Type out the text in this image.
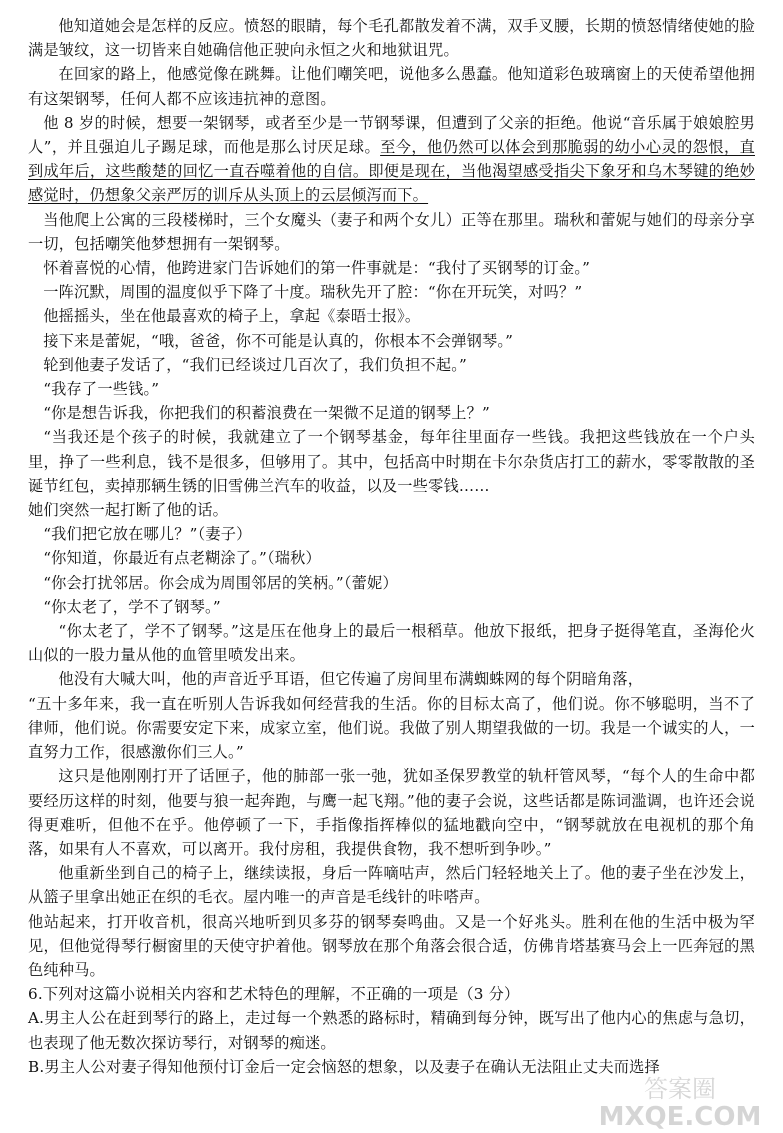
他知道她会是怎样的反应。愤怒的眼睛，每个毛孔都散发着不满，双手叉腰，长期的愤怒情绪使她的脸满是皱纹，这一切皆来自她确信他正驶向永恒之火和地狱诅咒。

在回家的路上，他感觉像在跳舞。让他们嘲笑吧，说他多么愚蠢。他知道彩色玻璃窗上的天使希望他拥有这架钢琴，任何人都不应该违抗神的意图。

他 8 岁的时候，想要一架钢琴，或者至少是一节钢琴课，但遭到了父亲的拒绝。他说“音乐属于娘娘腔男人”，并且强迫儿子踢足球，而他是那么讨厌足球。至今，他仍然可以体会到那脆弱的幼小心灵的怨恨，直到成年后，这些酸楚的回忆一直吞噬着他的自信。即便是现在，当他渴望感受指尖下象牙和乌木琴键的绝妙感觉时，仍想象父亲严厉的训斥从头顶上的云层倾泻而下。

当他爬上公寓的三段楼梯时，三个女魔头（妻子和两个女儿）正等在那里。瑞秋和蕾妮与她们的母亲分享一切，包括嘲笑他梦想拥有一架钢琴。

怀着喜悦的心情，他跨进家门告诉她们的第一件事就是：“我付了买钢琴的订金。”

一阵沉默，周围的温度似乎下降了十度。瑞秋先开了腔：“你在开玩笑，对吗？”

他摇摇头，坐在他最喜欢的椅子上，拿起《泰晤士报》。

接下来是蕾妮，“哦，爸爸，你不可能是认真的，你根本不会弹钢琴。”

轮到他妻子发话了，“我们已经谈过几百次了，我们负担不起。”

“我存了一些钱。”

“你是想告诉我，你把我们的积蓄浪费在一架微不足道的钢琴上？”

“当我还是个孩子的时候，我就建立了一个钢琴基金，每年往里面存一些钱。我把这些钱放在一个户头里，挣了一些利息，钱不是很多，但够用了。其中，包括高中时期在卡尔杂货店打工的薪水，零零散散的圣诞节红包，卖掉那辆生锈的旧雪佛兰汽车的收益，以及一些零钱……

她们突然一起打断了他的话。

“我们把它放在哪儿？”（妻子）

“你知道，你最近有点老糊涂了。”（瑞秋）

“你会打扰邻居。你会成为周围邻居的笑柄。”（蕾妮）

“你太老了，学不了钢琴。”

“你太老了，学不了钢琴。”这是压在他身上的最后一根稻草。他放下报纸，把身子挺得笔直，圣海伦火山似的一股力量从他的血管里喷发出来。

他没有大喊大叫，他的声音近乎耳语，但它传遍了房间里布满蜘蛛网的每个阴暗角落，

“五十多年来，我一直在听别人告诉我如何经营我的生活。你的目标太高了，他们说。你不够聪明，当不了律师，他们说。你需要安定下来，成家立室，他们说。我做了别人期望我做的一切。我是一个诚实的人，一直努力工作，很感激你们三人。”

这只是他刚刚打开了话匣子，他的肺部一张一弛，犹如圣保罗教堂的轨杆管风琴，“每个人的生命中都要经历这样的时刻，他要与狼一起奔跑，与鹰一起飞翔。”他的妻子会说，这些话都是陈词滥调，也许还会说得更难听，但他不在乎。他停顿了一下，手指像指挥棒似的猛地戳向空中，“钢琴就放在电视机的那个角落，如果有人不喜欢，可以离开。我付房租，我提供食物，我不想听到争吵。”

他重新坐到自己的椅子上，继续读报，身后一阵嘀咕声，然后门轻轻地关上了。他的妻子坐在沙发上，从篮子里拿出她正在织的毛衣。屋内唯一的声音是毛线针的咔嗒声。

他站起来，打开收音机，很高兴地听到贝多芬的钢琴奏鸣曲。又是一个好兆头。胜利在他的生活中极为罕见，但他觉得琴行橱窗里的天使守护着他。钢琴放在那个角落会很合适，仿佛肯塔基赛马会上一匹奔冠的黑色纯种马。

6.下列对这篇小说相关内容和艺术特色的理解，不正确的一项是（3 分）

A.男主人公在赶到琴行的路上，走过每一个熟悉的路标时，精确到每分钟，既写出了他内心的焦虑与急切，也表现了他无数次探访琴行，对钢琴的痴迷。

B.男主人公对妻子得知他预付订金后一定会恼怒的想象，以及妻子在确认无法阻止丈夫而选择

答案圈
MXQE.COM
